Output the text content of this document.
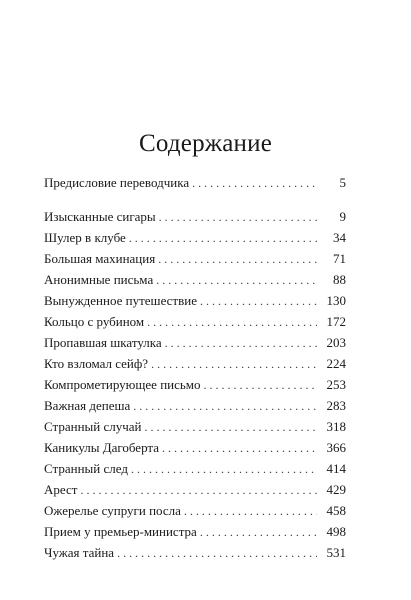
Содержание
Предисловие переводчика . . .	5
Изысканные сигары . . .	9
Шулер в клубе . . .	34
Большая махинация . . .	71
Анонимные письма . . .	88
Вынужденное путешествие . . .	130
Кольцо с рубином . . .	172
Пропавшая шкатулка . . .	203
Кто взломал сейф? . . .	224
Компрометирующее письмо . . .	253
Важная депеша . . .	283
Странный случай . . .	318
Каникулы Дагоберта . . .	366
Странный след . . .	414
Арест . . .	429
Ожерелье супруги посла . . .	458
Прием у премьер-министра . . .	498
Чужая тайна . . .	531
